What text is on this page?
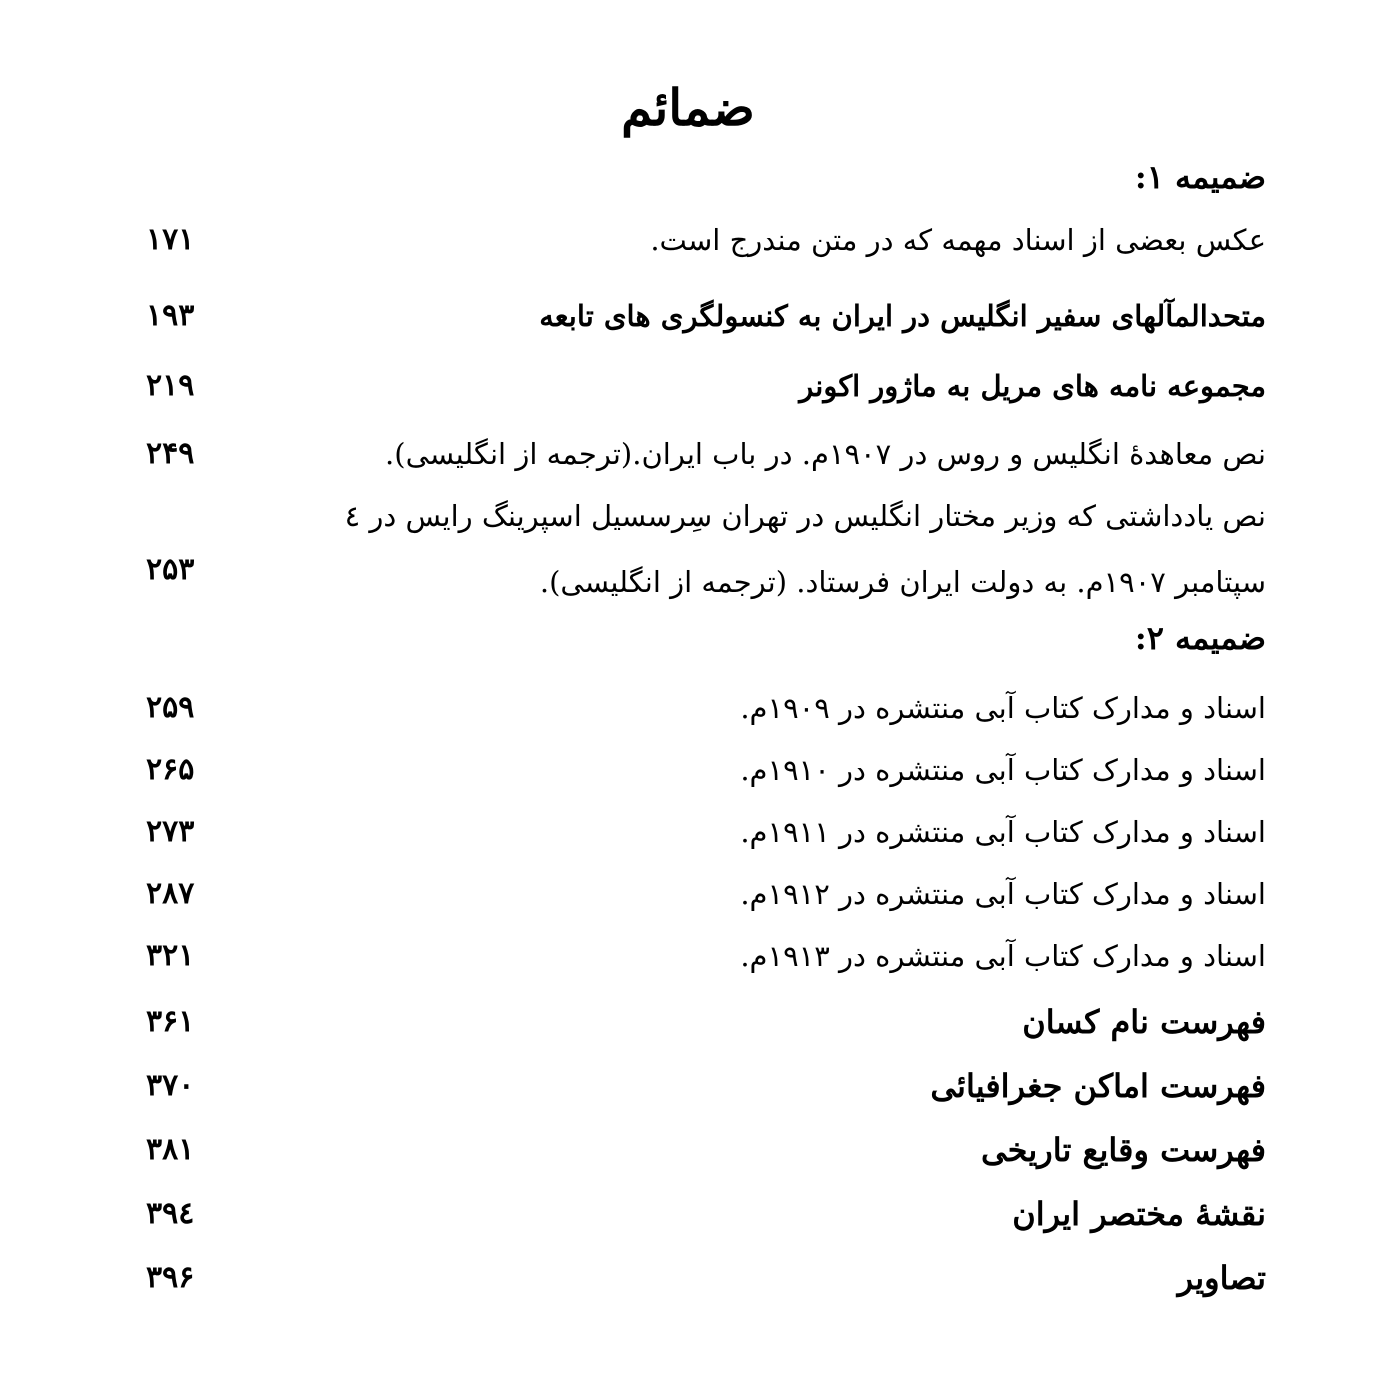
ضمائم
ضمیمه ۱:
عکس بعضی از اسناد مهمه که در متن مندرج است.
۱۷۱
متحدالمآلهای سفیر انگلیس در ایران به کنسولگری های تابعه
۱۹۳
مجموعه نامه های مریل به ماژور اکونر
۲۱۹
نص معاهدهٔ انگلیس و روس در ۱۹۰۷م. در باب ایران.(ترجمه از انگلیسی).
۲۴۹
نص یادداشتی که وزیر مختار انگلیس در تهران سِرسسیل اسپرینگ رایس در ٤
سپتامبر ۱۹۰۷م. به دولت ایران فرستاد. (ترجمه از انگلیسی).
۲۵۳
ضمیمه ۲:
اسناد و مدارک کتاب آبی منتشره در ۱۹۰۹م.
۲۵۹
اسناد و مدارک کتاب آبی منتشره در ۱۹۱۰م.
۲۶۵
اسناد و مدارک کتاب آبی منتشره در ۱۹۱۱م.
۲۷۳
اسناد و مدارک کتاب آبی منتشره در ۱۹۱۲م.
۲۸۷
اسناد و مدارک کتاب آبی منتشره در ۱۹۱۳م.
۳۲۱
فهرست نام کسان
۳۶۱
فهرست اماکن جغرافیائی
۳۷۰
فهرست وقایع تاریخی
۳۸۱
نقشهٔ مختصر ایران
۳۹٤
تصاویر
۳۹۶
